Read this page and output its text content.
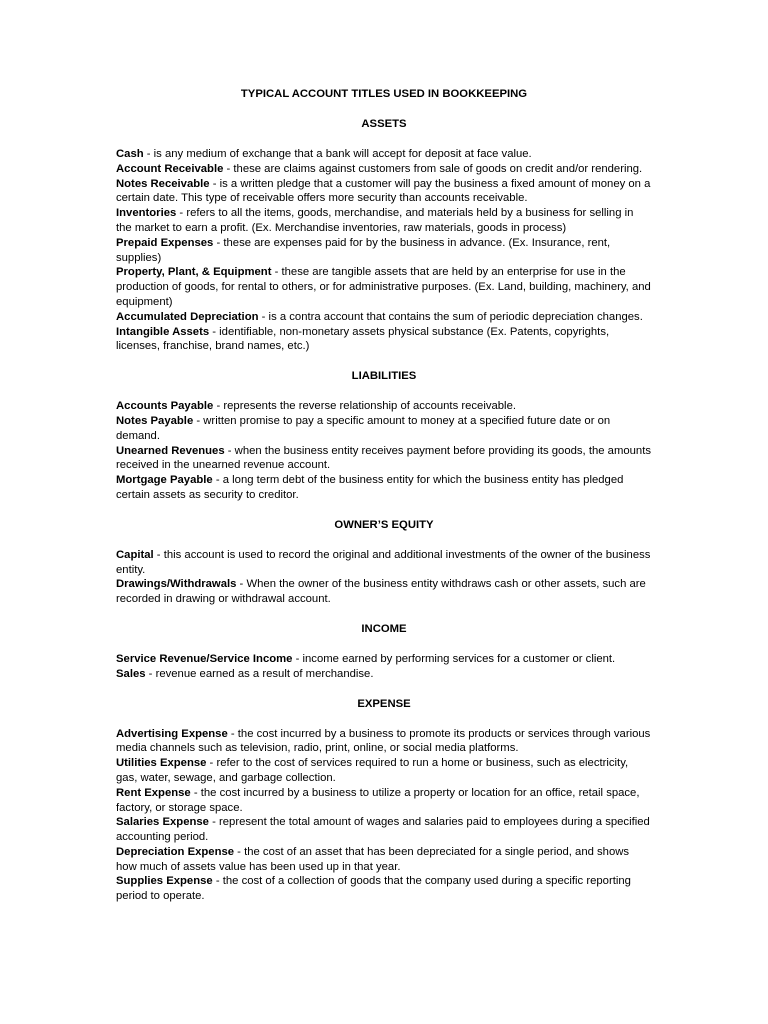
TYPICAL ACCOUNT TITLES USED IN BOOKKEEPING

ASSETS

Cash - is any medium of exchange that a bank will accept for deposit at face value.

Account Receivable - these are claims against customers from sale of goods on credit and/or rendering.

Notes Receivable - is a written pledge that a customer will pay the business a fixed amount of money on a certain date. This type of receivable offers more security than accounts receivable.

Inventories - refers to all the items, goods, merchandise, and materials held by a business for selling in the market to earn a profit. (Ex. Merchandise inventories, raw materials, goods in process)

Prepaid Expenses - these are expenses paid for by the business in advance. (Ex. Insurance, rent, supplies)

Property, Plant, & Equipment - these are tangible assets that are held by an enterprise for use in the production of goods, for rental to others, or for administrative purposes. (Ex. Land, building, machinery, and equipment)

Accumulated Depreciation - is a contra account that contains the sum of periodic depreciation changes.

Intangible Assets - identifiable, non-monetary assets physical substance (Ex. Patents, copyrights, licenses, franchise, brand names, etc.)

LIABILITIES

Accounts Payable - represents the reverse relationship of accounts receivable.

Notes Payable - written promise to pay a specific amount to money at a specified future date or on demand.

Unearned Revenues - when the business entity receives payment before providing its goods, the amounts received in the unearned revenue account.

Mortgage Payable - a long term debt of the business entity for which the business entity has pledged certain assets as security to creditor.

OWNER’S EQUITY

Capital - this account is used to record the original and additional investments of the owner of the business entity.

Drawings/Withdrawals - When the owner of the business entity withdraws cash or other assets, such are recorded in drawing or withdrawal account.

INCOME

Service Revenue/Service Income - income earned by performing services for a customer or client.

Sales - revenue earned as a result of merchandise.

EXPENSE

Advertising Expense - the cost incurred by a business to promote its products or services through various media channels such as television, radio, print, online, or social media platforms.

Utilities Expense - refer to the cost of services required to run a home or business, such as electricity, gas, water, sewage, and garbage collection.

Rent Expense - the cost incurred by a business to utilize a property or location for an office, retail space, factory, or storage space.

Salaries Expense - represent the total amount of wages and salaries paid to employees during a specified accounting period.

Depreciation Expense - the cost of an asset that has been depreciated for a single period, and shows how much of assets value has been used up in that year.

Supplies Expense - the cost of a collection of goods that the company used during a specific reporting period to operate.
